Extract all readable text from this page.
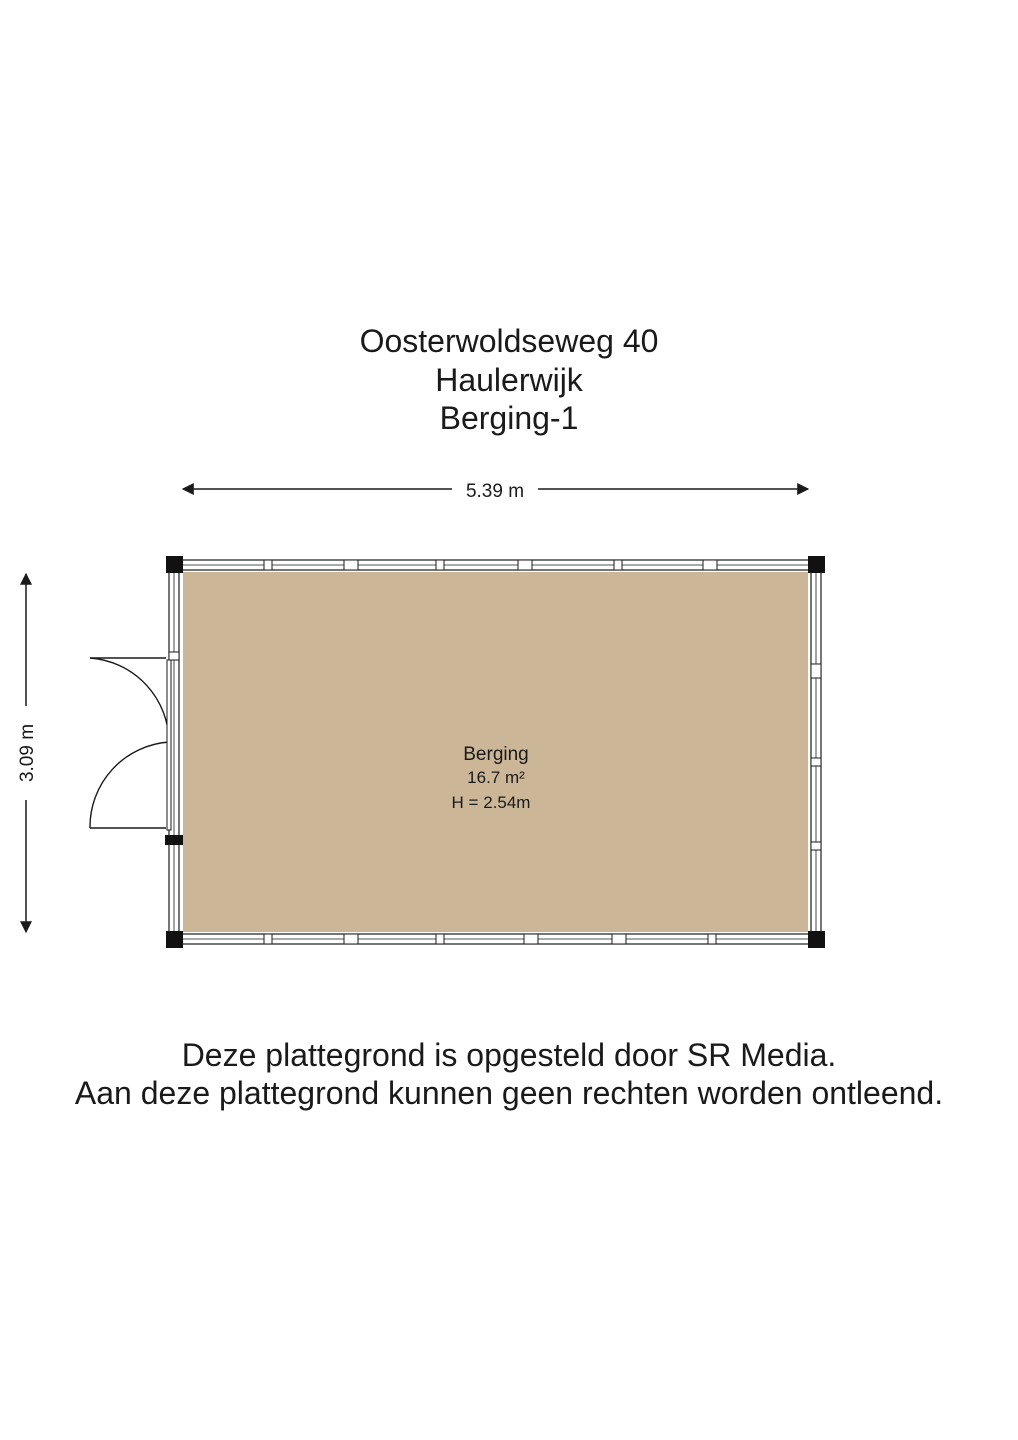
Oosterwoldseweg 40
Haulerwijk
Berging-1
5.39 m
3.09 m	Berging
16.7 m²
H = 2.54m
Deze plattegrond is opgesteld door SR Media.
Aan deze plattegrond kunnen geen rechten worden ontleend.
